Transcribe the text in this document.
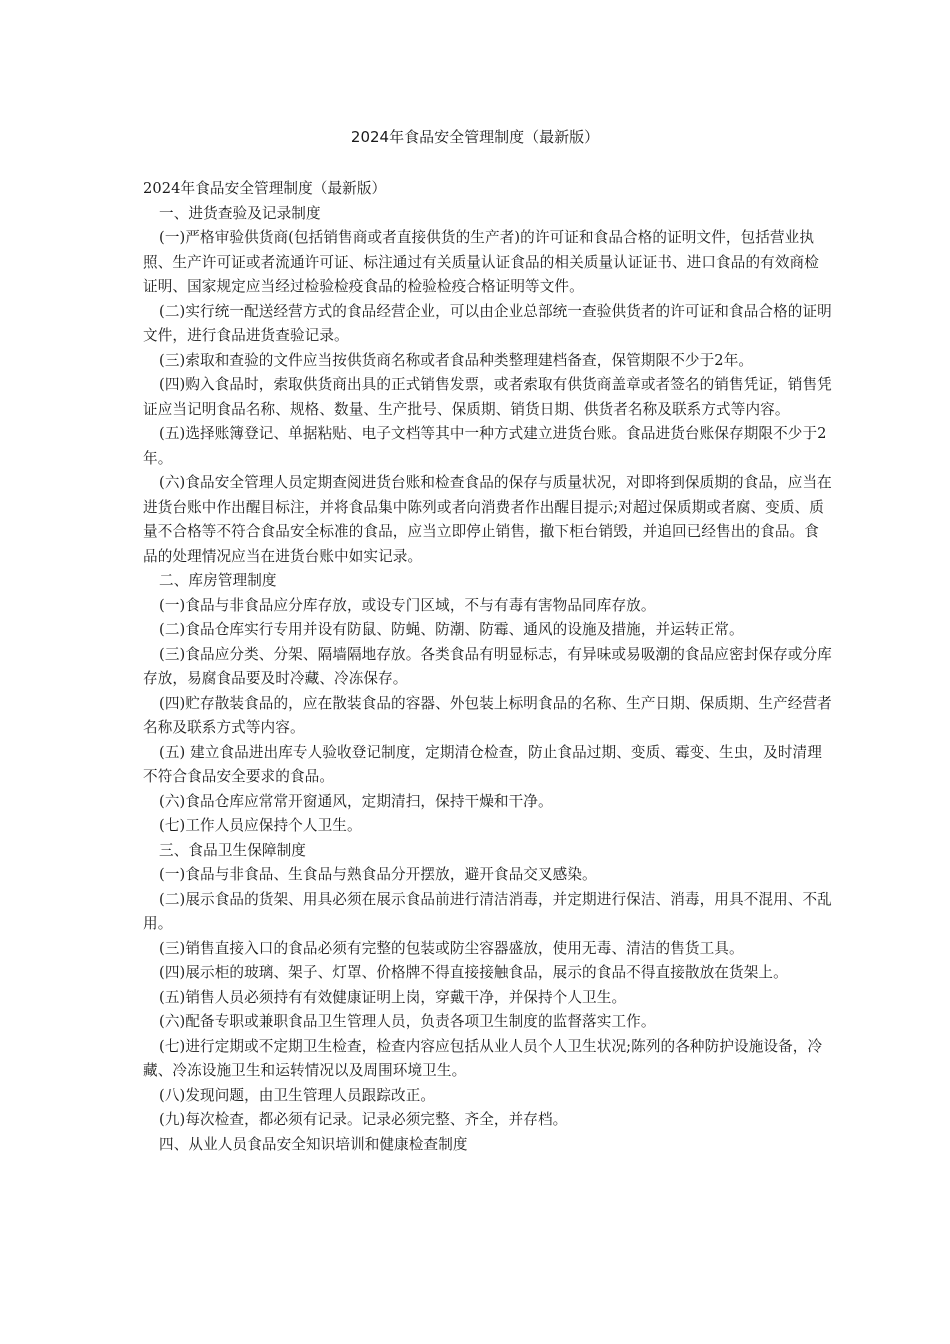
2024年食品安全管理制度（最新版）

2024年食品安全管理制度（最新版）

一、进货查验及记录制度

(一)严格审验供货商(包括销售商或者直接供货的生产者)的许可证和食品合格的证明文件，包括营业执照、生产许可证或者流通许可证、标注通过有关质量认证食品的相关质量认证证书、进口食品的有效商检证明、国家规定应当经过检验检疫食品的检验检疫合格证明等文件。

(二)实行统一配送经营方式的食品经营企业，可以由企业总部统一查验供货者的许可证和食品合格的证明文件，进行食品进货查验记录。

(三)索取和查验的文件应当按供货商名称或者食品种类整理建档备查，保管期限不少于2年。

(四)购入食品时，索取供货商出具的正式销售发票，或者索取有供货商盖章或者签名的销售凭证，销售凭证应当记明食品名称、规格、数量、生产批号、保质期、销货日期、供货者名称及联系方式等内容。

(五)选择账簿登记、单据粘贴、电子文档等其中一种方式建立进货台账。食品进货台账保存期限不少于2年。

(六)食品安全管理人员定期查阅进货台账和检查食品的保存与质量状况，对即将到保质期的食品，应当在进货台账中作出醒目标注，并将食品集中陈列或者向消费者作出醒目提示;对超过保质期或者腐、变质、质量不合格等不符合食品安全标准的食品，应当立即停止销售，撤下柜台销毁，并追回已经售出的食品。食品的处理情况应当在进货台账中如实记录。

二、库房管理制度

(一)食品与非食品应分库存放，或设专门区域，不与有毒有害物品同库存放。

(二)食品仓库实行专用并设有防鼠、防蝇、防潮、防霉、通风的设施及措施，并运转正常。

(三)食品应分类、分架、隔墙隔地存放。各类食品有明显标志，有异味或易吸潮的食品应密封保存或分库存放，易腐食品要及时冷藏、冷冻保存。

(四)贮存散装食品的，应在散装食品的容器、外包装上标明食品的名称、生产日期、保质期、生产经营者名称及联系方式等内容。

(五) 建立食品进出库专人验收登记制度，定期清仓检查，防止食品过期、变质、霉变、生虫，及时清理不符合食品安全要求的食品。

(六)食品仓库应常常开窗通风，定期清扫，保持干燥和干净。

(七)工作人员应保持个人卫生。

三、食品卫生保障制度

(一)食品与非食品、生食品与熟食品分开摆放，避开食品交叉感染。

(二)展示食品的货架、用具必须在展示食品前进行清洁消毒，并定期进行保洁、消毒，用具不混用、不乱用。

(三)销售直接入口的食品必须有完整的包装或防尘容器盛放，使用无毒、清洁的售货工具。

(四)展示柜的玻璃、架子、灯罩、价格牌不得直接接触食品，展示的食品不得直接散放在货架上。

(五)销售人员必须持有有效健康证明上岗，穿戴干净，并保持个人卫生。

(六)配备专职或兼职食品卫生管理人员，负责各项卫生制度的监督落实工作。

(七)进行定期或不定期卫生检查，检查内容应包括从业人员个人卫生状况;陈列的各种防护设施设备，冷藏、冷冻设施卫生和运转情况以及周围环境卫生。

(八)发现问题，由卫生管理人员跟踪改正。

(九)每次检查，都必须有记录。记录必须完整、齐全，并存档。

四、从业人员食品安全知识培训和健康检查制度
